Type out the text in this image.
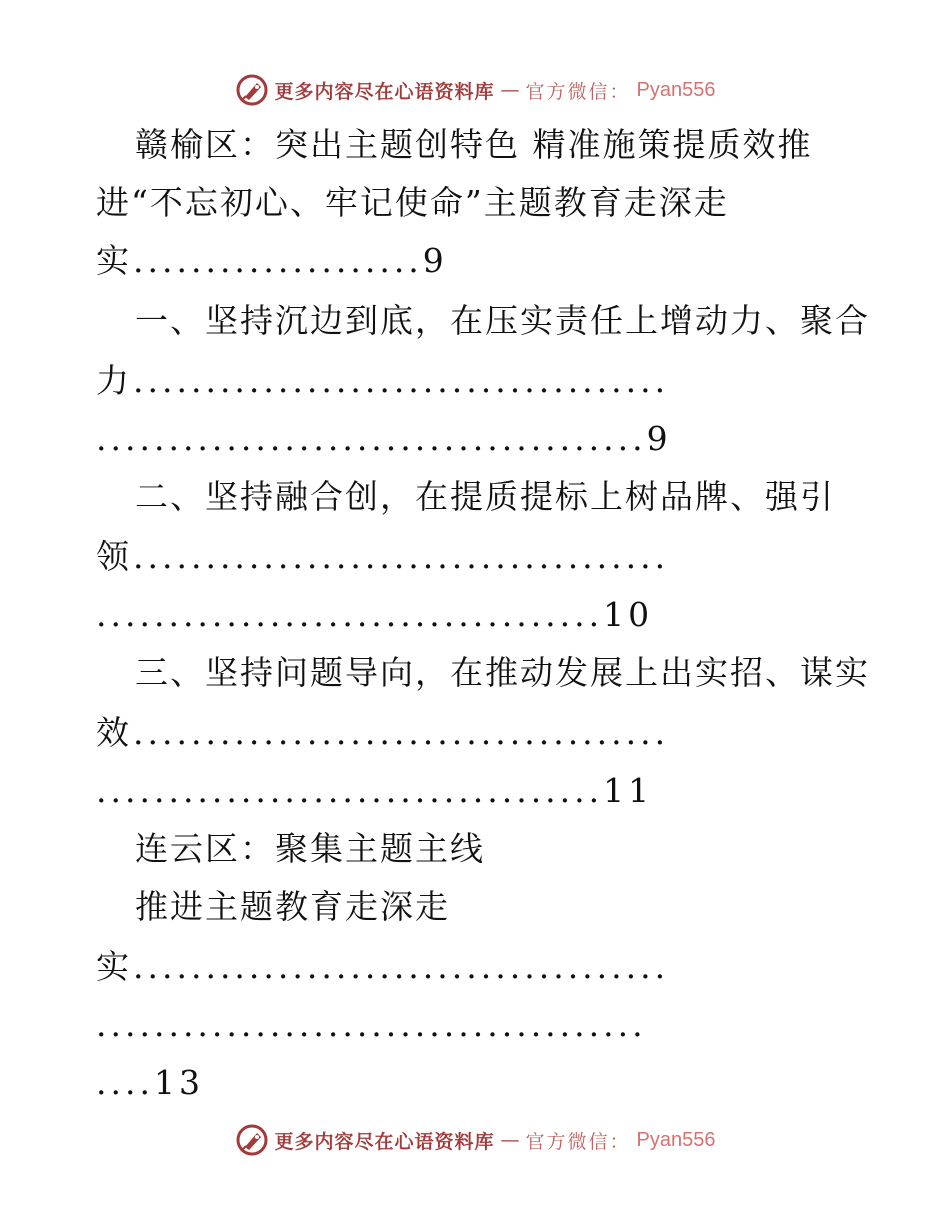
更多内容尽在心语资料库 — 官方微信： Pyan556
赣榆区：突出主题创特色 精准施策提质效推
进“不忘初心、牢记使命”主题教育走深走
实....................9
一、坚持沉边到底，在压实责任上增动力、聚合
力.....................................
......................................9
二、坚持融合创，在提质提标上树品牌、强引
领.....................................
...................................10
三、坚持问题导向，在推动发展上出实招、谋实
效.....................................
...................................11
连云区：聚集主题主线
推进主题教育走深走
实.....................................
......................................
....13
更多内容尽在心语资料库 — 官方微信： Pyan556
